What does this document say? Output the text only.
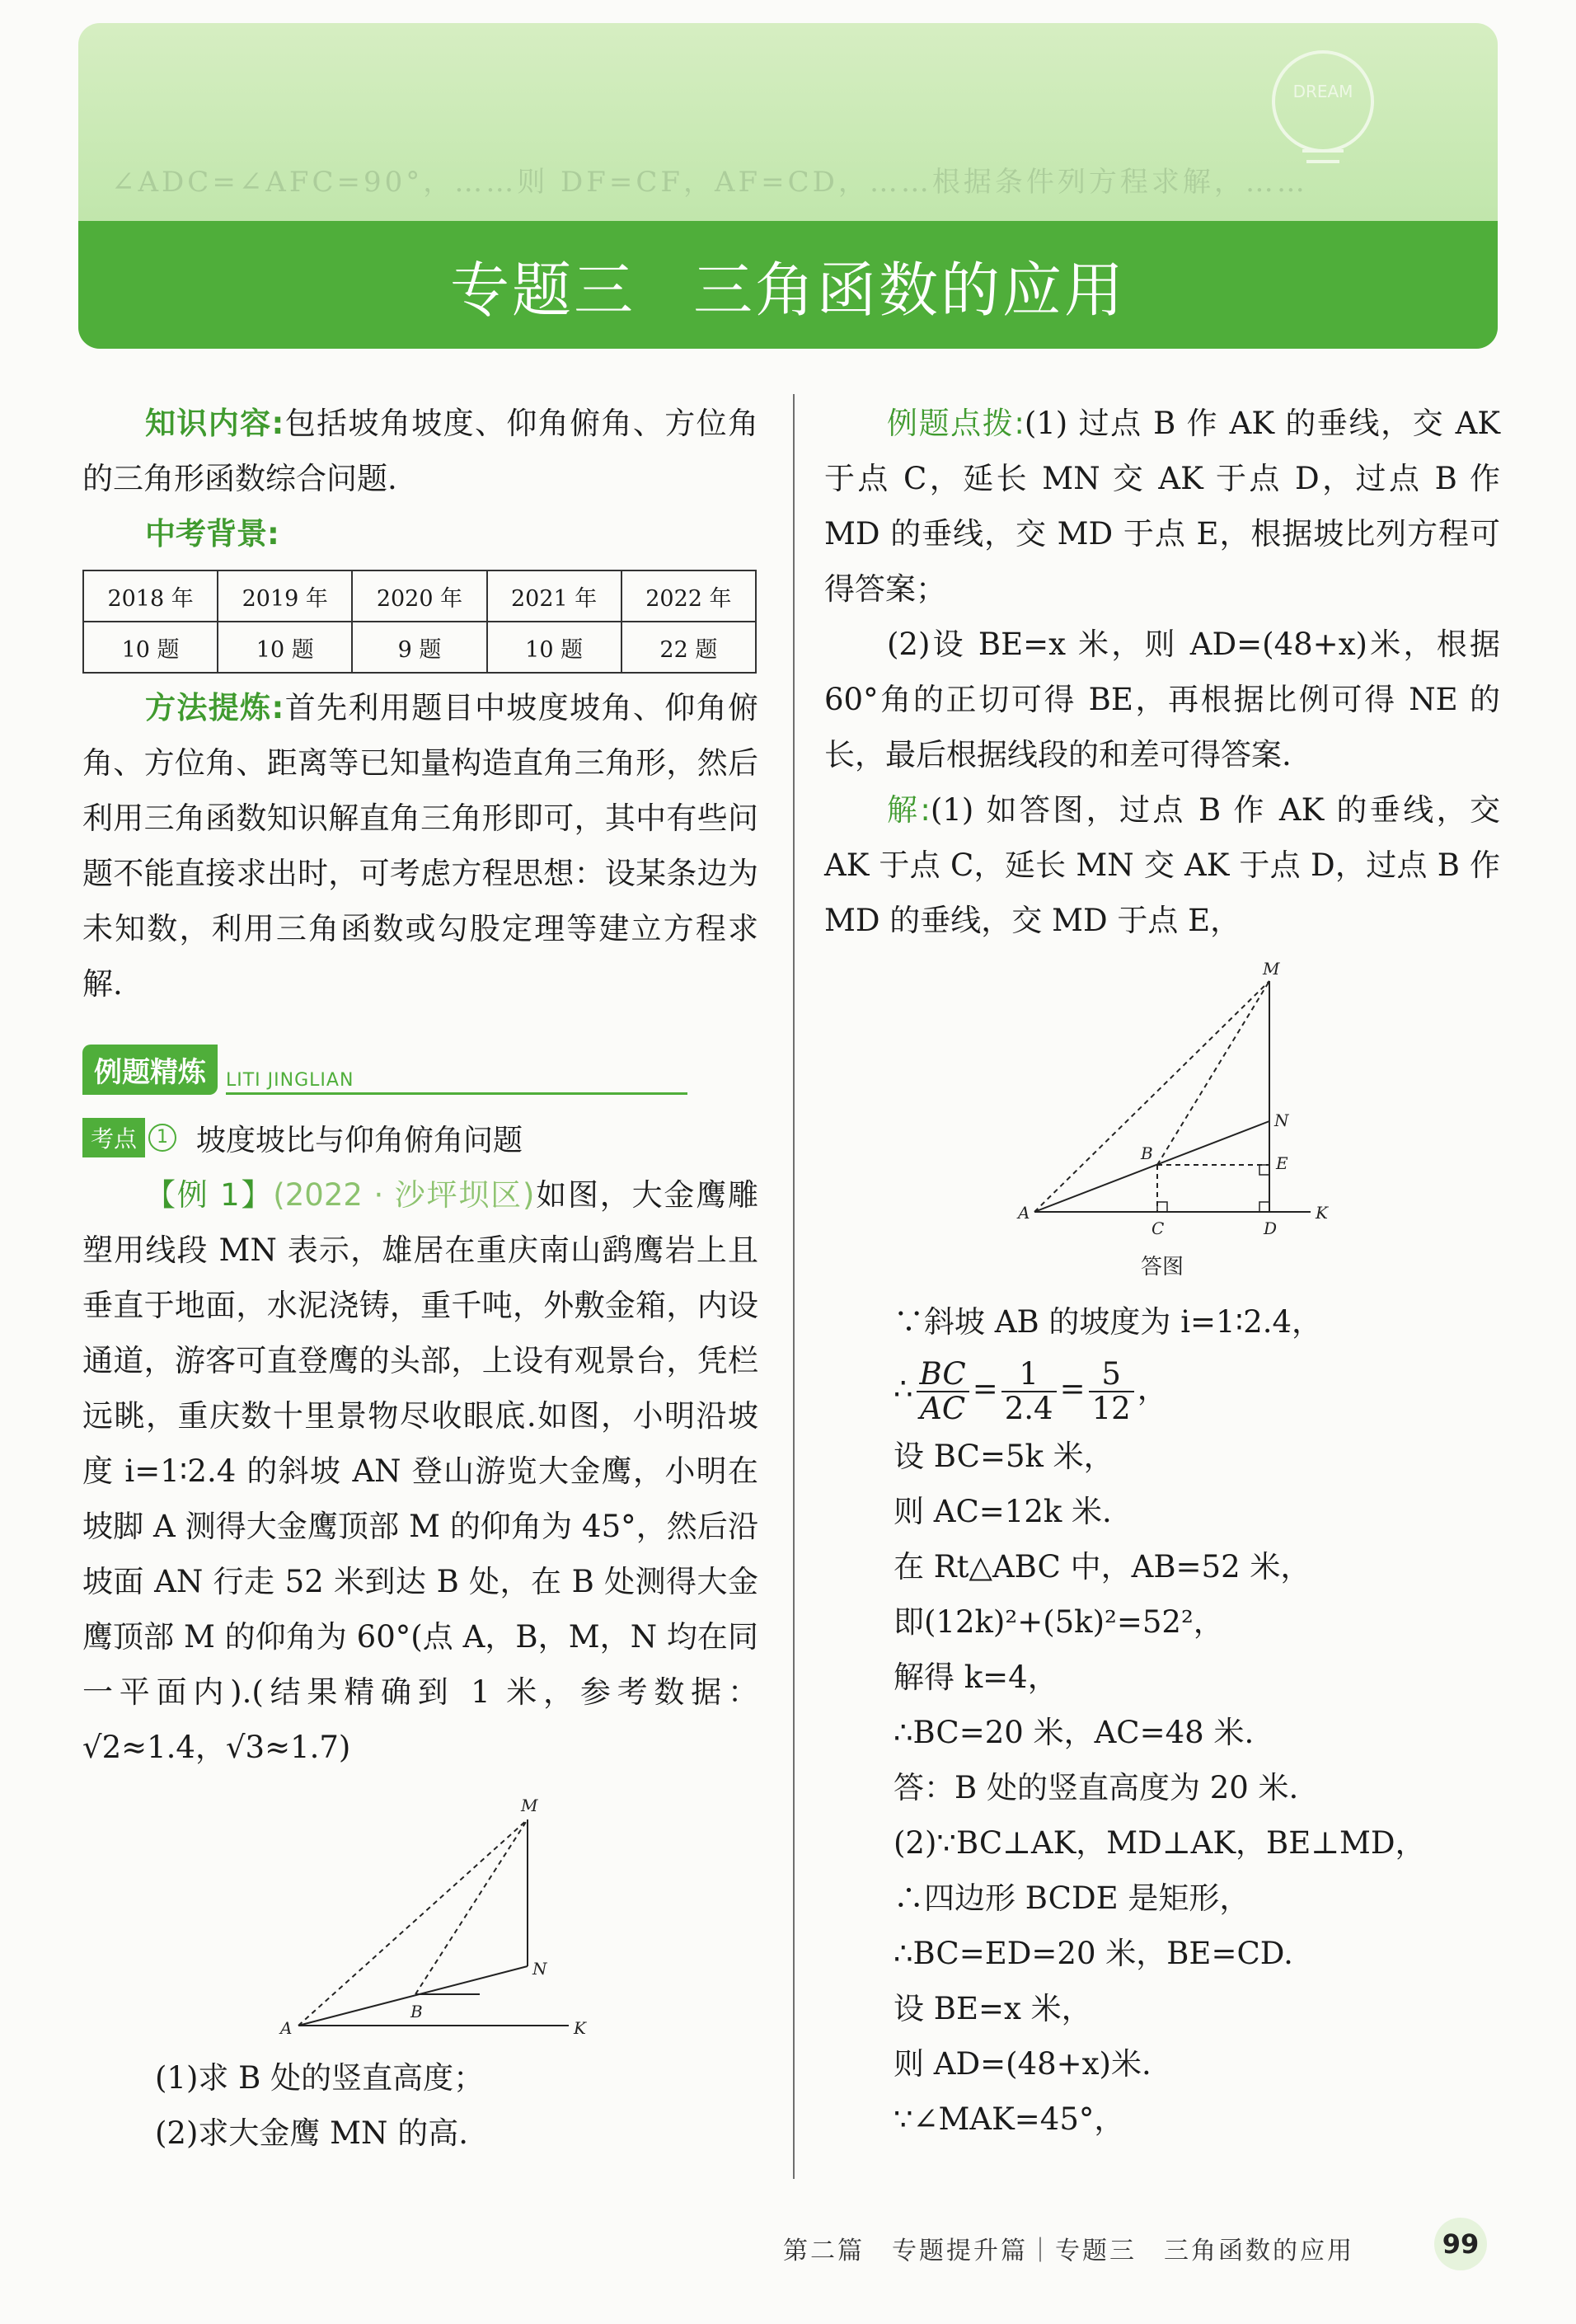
∠ADC=∠AFC=90°，……则 DF=CF，AF=CD，……根据条件列方程求解，……
DREAM
专题三 三角函数的应用

知识内容:包括坡角坡度、仰角俯角、方位角的三角形函数综合问题.

中考背景:

2018 年	2019 年	2020 年	2021 年	2022 年
10 题	10 题	9 题	10 题	22 题

方法提炼:首先利用题目中坡度坡角、仰角俯角、方位角、距离等已知量构造直角三角形，然后利用三角函数知识解直角三角形即可，其中有些问题不能直接求出时，可考虑方程思想：设某条边为未知数，利用三角函数或勾股定理等建立方程求解.

例题精炼	LITI JINGLIAN
考点	1 坡度坡比与仰角俯角问题

【例 1】(2022 · 沙坪坝区)如图，大金鹰雕塑用线段 MN 表示，雄居在重庆南山鹞鹰岩上且垂直于地面，水泥浇铸，重千吨，外敷金箱，内设通道，游客可直登鹰的头部，上设有观景台，凭栏远眺，重庆数十里景物尽收眼底.如图，小明沿坡度 i=1∶2.4 的斜坡 AN 登山游览大金鹰，小明在坡脚 A 测得大金鹰顶部 M 的仰角为 45°，然后沿坡面 AN 行走 52 米到达 B 处，在 B 处测得大金鹰顶部 M 的仰角为 60°(点 A，B，M，N 均在同一平面内).(结果精确到 1 米，参考数据：√2≈1.4，√3≈1.7)

M
N
B
A	K

(1)求 B 处的竖直高度；

(2)求大金鹰 MN 的高.

例题点拨:(1) 过点 B 作 AK 的垂线，交 AK 于点 C，延长 MN 交 AK 于点 D，过点 B 作 MD 的垂线，交 MD 于点 E，根据坡比列方程可得答案；

(2)设 BE=x 米，则 AD=(48+x)米，根据 60°角的正切可得 BE，再根据比例可得 NE 的长，最后根据线段的和差可得答案.

解:(1) 如答图，过点 B 作 AK 的垂线，交 AK 于点 C，延长 MN 交 AK 于点 D，过点 B 作 MD 的垂线，交 MD 于点 E，

M
N
B	E
A
C	D
K
答图

∵斜坡 AB 的坡度为 i=1∶2.4，

∴ $\frac{BC}{AC} = \frac{1}{2.4} = \frac{5}{12}$ ，

设 BC=5k 米，

则 AC=12k 米.

在 Rt△ABC 中，AB=52 米，

即(12k)²+(5k)²=52²，

解得 k=4，

∴BC=20 米，AC=48 米.

答：B 处的竖直高度为 20 米.

(2)∵BC⊥AK，MD⊥AK，BE⊥MD，

∴四边形 BCDE 是矩形，

∴BC=ED=20 米，BE=CD.

设 BE=x 米，

则 AD=(48+x)米.

∵∠MAK=45°，

第二篇　专题提升篇｜专题三　三角函数的应用	99
